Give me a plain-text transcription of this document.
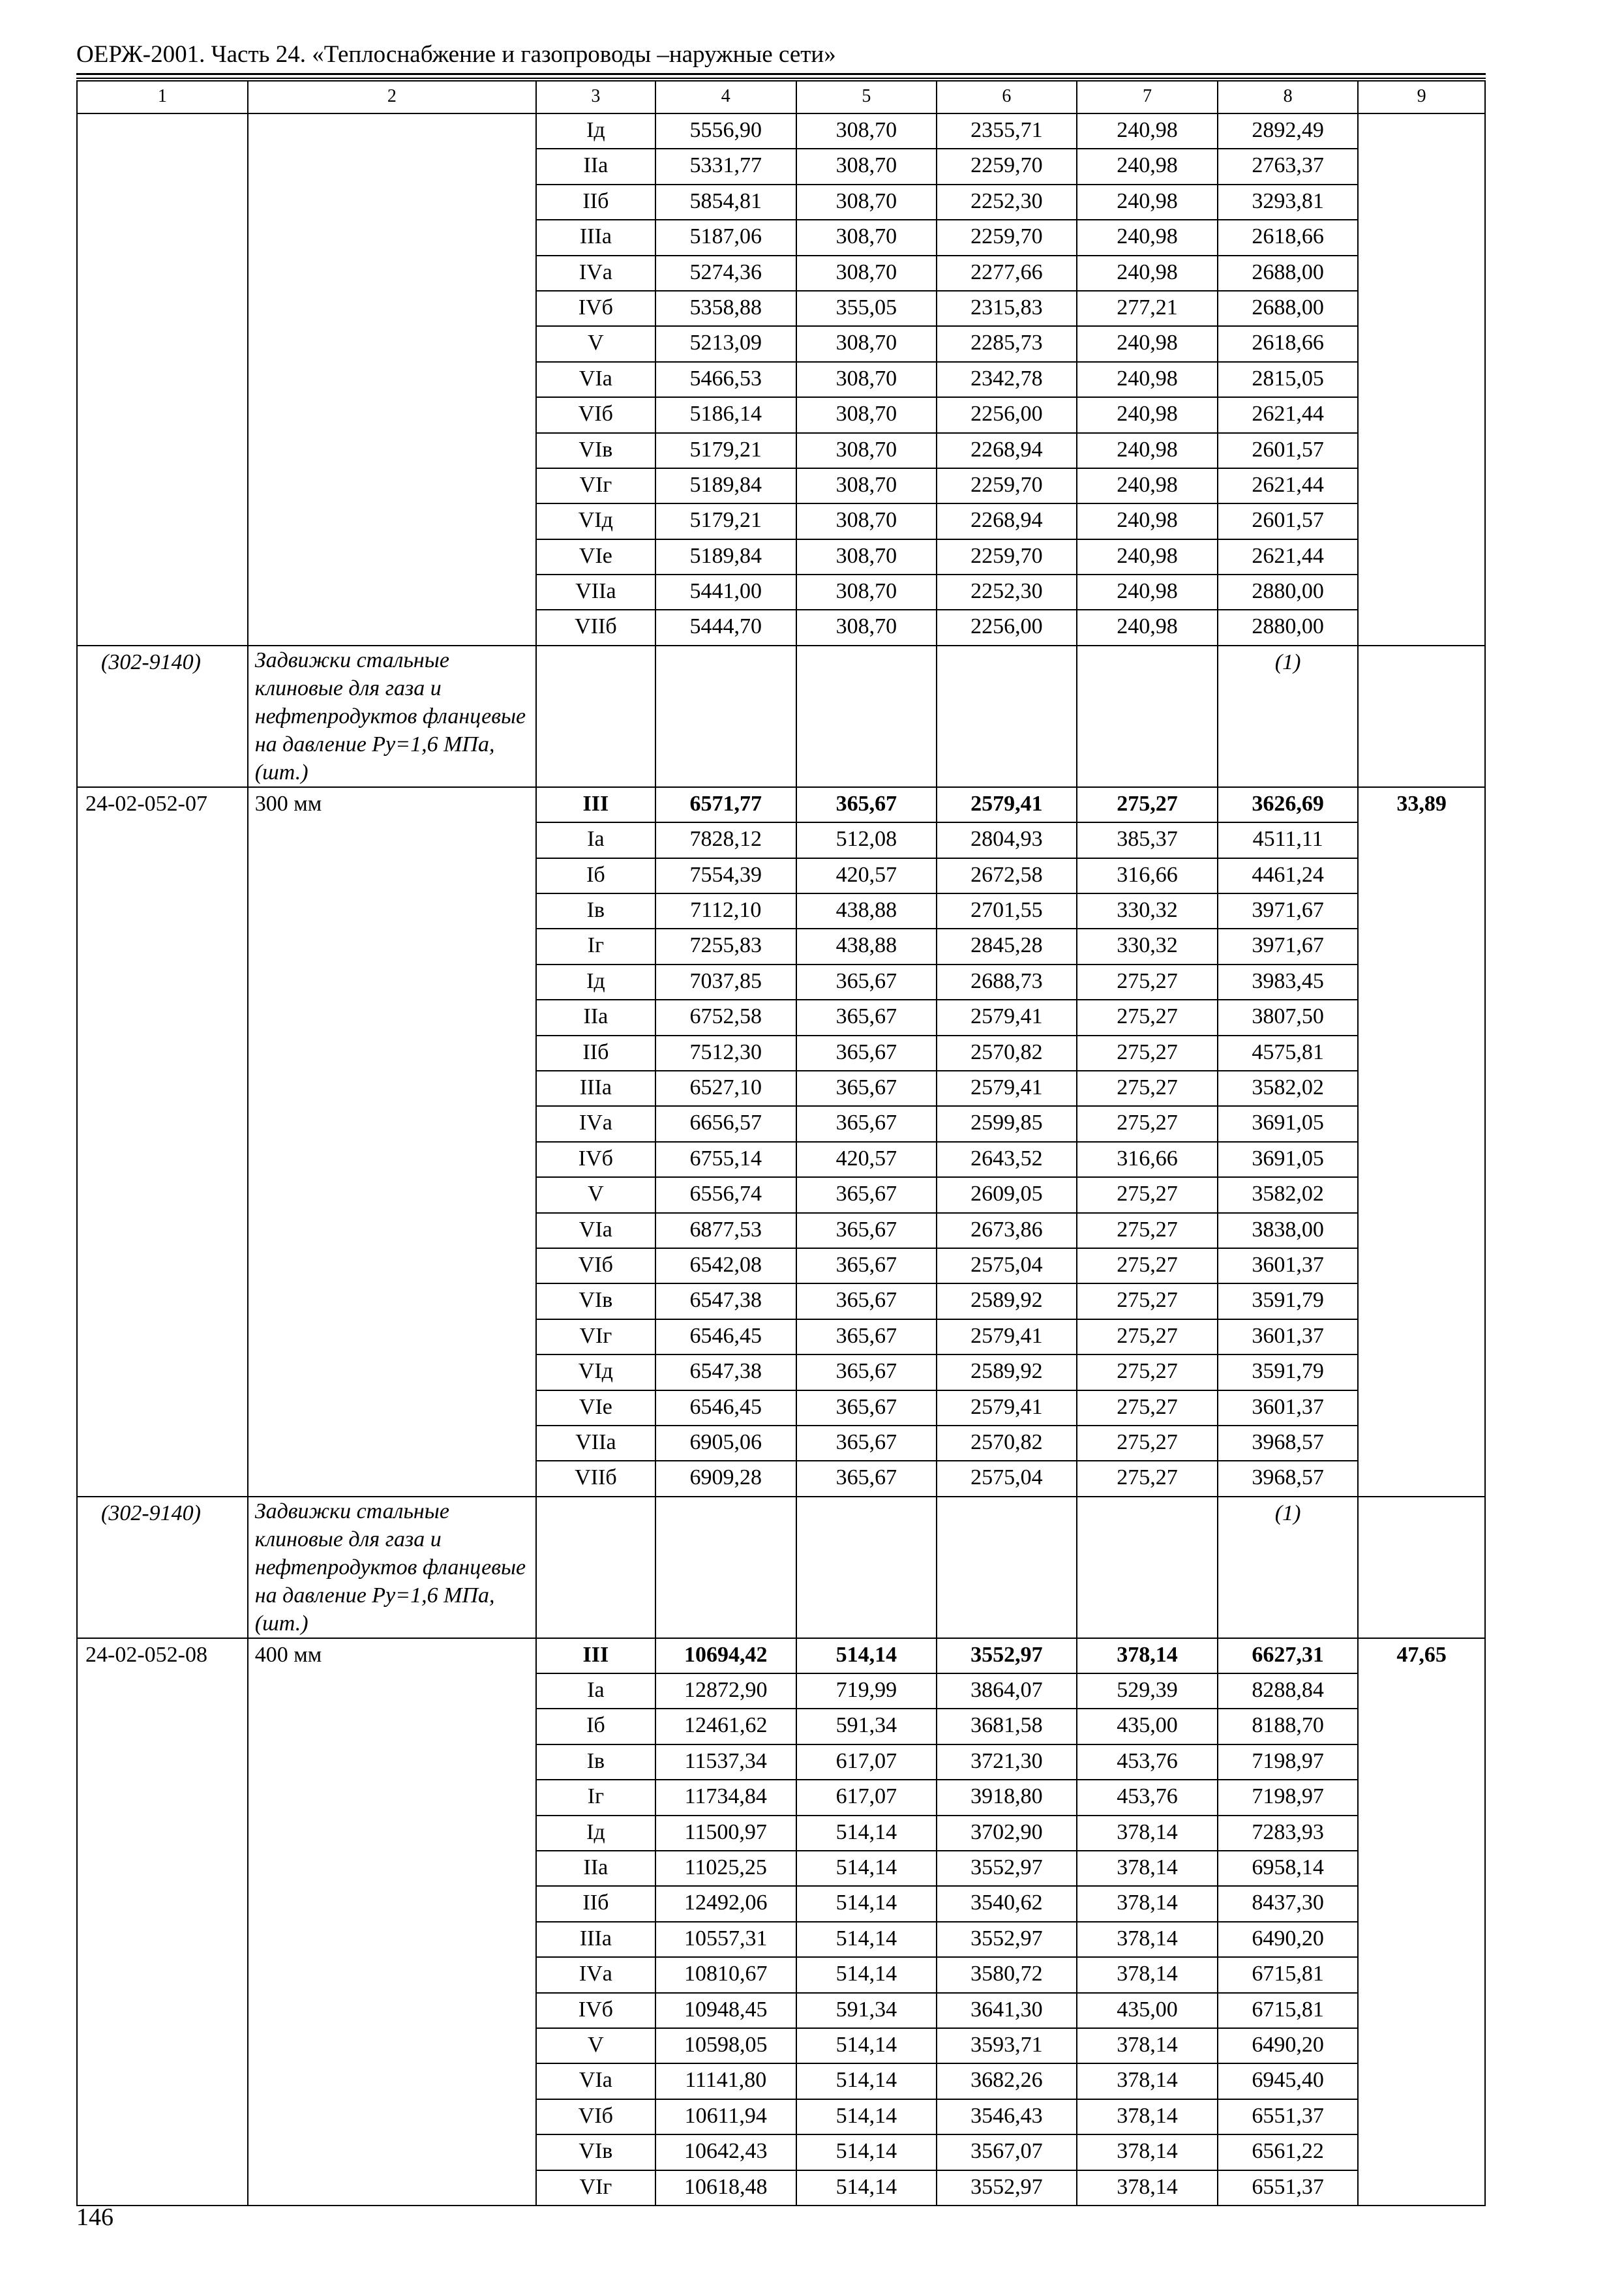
ОЕРЖ-2001. Часть 24. «Теплоснабжение и газопроводы –наружные сети»
1	2	3	4	5	6	7	8	9
		Iд	5556,90	308,70	2355,71	240,98	2892,49	
		IIа	5331,77	308,70	2259,70	240,98	2763,37	
		IIб	5854,81	308,70	2252,30	240,98	3293,81	
		IIIа	5187,06	308,70	2259,70	240,98	2618,66	
		IVа	5274,36	308,70	2277,66	240,98	2688,00	
		IVб	5358,88	355,05	2315,83	277,21	2688,00	
		V	5213,09	308,70	2285,73	240,98	2618,66	
		VIа	5466,53	308,70	2342,78	240,98	2815,05	
		VIб	5186,14	308,70	2256,00	240,98	2621,44	
		VIв	5179,21	308,70	2268,94	240,98	2601,57	
		VIг	5189,84	308,70	2259,70	240,98	2621,44	
		VIд	5179,21	308,70	2268,94	240,98	2601,57	
		VIе	5189,84	308,70	2259,70	240,98	2621,44	
		VIIа	5441,00	308,70	2252,30	240,98	2880,00	
		VIIб	5444,70	308,70	2256,00	240,98	2880,00	
(302-9140)	Задвижки стальные клиновые для газа и нефтепродуктов фланцевые на давление Ру=1,6 МПа, (шт.)						(1)	
24-02-052-07	300 мм	III	6571,77	365,67	2579,41	275,27	3626,69	33,89
		Iа	7828,12	512,08	2804,93	385,37	4511,11	
		Iб	7554,39	420,57	2672,58	316,66	4461,24	
		Iв	7112,10	438,88	2701,55	330,32	3971,67	
		Iг	7255,83	438,88	2845,28	330,32	3971,67	
		Iд	7037,85	365,67	2688,73	275,27	3983,45	
		IIа	6752,58	365,67	2579,41	275,27	3807,50	
		IIб	7512,30	365,67	2570,82	275,27	4575,81	
		IIIа	6527,10	365,67	2579,41	275,27	3582,02	
		IVа	6656,57	365,67	2599,85	275,27	3691,05	
		IVб	6755,14	420,57	2643,52	316,66	3691,05	
		V	6556,74	365,67	2609,05	275,27	3582,02	
		VIа	6877,53	365,67	2673,86	275,27	3838,00	
		VIб	6542,08	365,67	2575,04	275,27	3601,37	
		VIв	6547,38	365,67	2589,92	275,27	3591,79	
		VIг	6546,45	365,67	2579,41	275,27	3601,37	
		VIд	6547,38	365,67	2589,92	275,27	3591,79	
		VIе	6546,45	365,67	2579,41	275,27	3601,37	
		VIIа	6905,06	365,67	2570,82	275,27	3968,57	
		VIIб	6909,28	365,67	2575,04	275,27	3968,57	
(302-9140)	Задвижки стальные клиновые для газа и нефтепродуктов фланцевые на давление Ру=1,6 МПа, (шт.)						(1)	
24-02-052-08	400 мм	III	10694,42	514,14	3552,97	378,14	6627,31	47,65
		Iа	12872,90	719,99	3864,07	529,39	8288,84	
		Iб	12461,62	591,34	3681,58	435,00	8188,70	
		Iв	11537,34	617,07	3721,30	453,76	7198,97	
		Iг	11734,84	617,07	3918,80	453,76	7198,97	
		Iд	11500,97	514,14	3702,90	378,14	7283,93	
		IIа	11025,25	514,14	3552,97	378,14	6958,14	
		IIб	12492,06	514,14	3540,62	378,14	8437,30	
		IIIа	10557,31	514,14	3552,97	378,14	6490,20	
		IVа	10810,67	514,14	3580,72	378,14	6715,81	
		IVб	10948,45	591,34	3641,30	435,00	6715,81	
		V	10598,05	514,14	3593,71	378,14	6490,20	
		VIа	11141,80	514,14	3682,26	378,14	6945,40	
		VIб	10611,94	514,14	3546,43	378,14	6551,37	
		VIв	10642,43	514,14	3567,07	378,14	6561,22	
		VIг	10618,48	514,14	3552,97	378,14	6551,37	
146
